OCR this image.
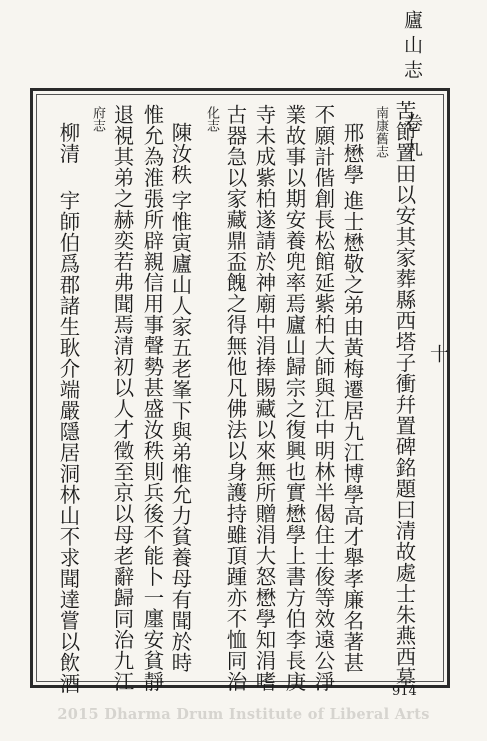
廬山志 卷九
十
苦節置田以安其家葬縣西塔子衝幷置碑銘題曰清故處士朱燕西墓
南康舊志
邢懋學
進士懋敬之弟由黃梅遷居九江博學高才舉孝廉名著甚
不願計偕創長松館延紫柏大師與江中明林半偈住士俊等效遠公淨
業故事以期安養兜率焉廬山歸宗之復興也實懋學上書方伯李長庚
寺未成紫柏遂請於神廟中涓捧賜藏以來無所贈涓大怒懋學知涓嗜
古器急以家藏鼎盃餽之得無他凡佛法以身護持雖頂踵亦不恤同治
化志
陳汝秩
字惟寅廬山人家五老峯下與弟惟允力貧養母有聞於時
惟允為淮張所辟親信用事聲勢甚盛汝秩則兵後不能卜一廛安貧靜
退視其弟之赫奕若弗聞焉清初以人才徵至京以母老辭歸同治九江
府志
柳清
宇師伯爲郡諸生耿介端嚴隱居洞林山不求聞達嘗以飲酒	914
2015 Dharma Drum Institute of Liberal Arts
